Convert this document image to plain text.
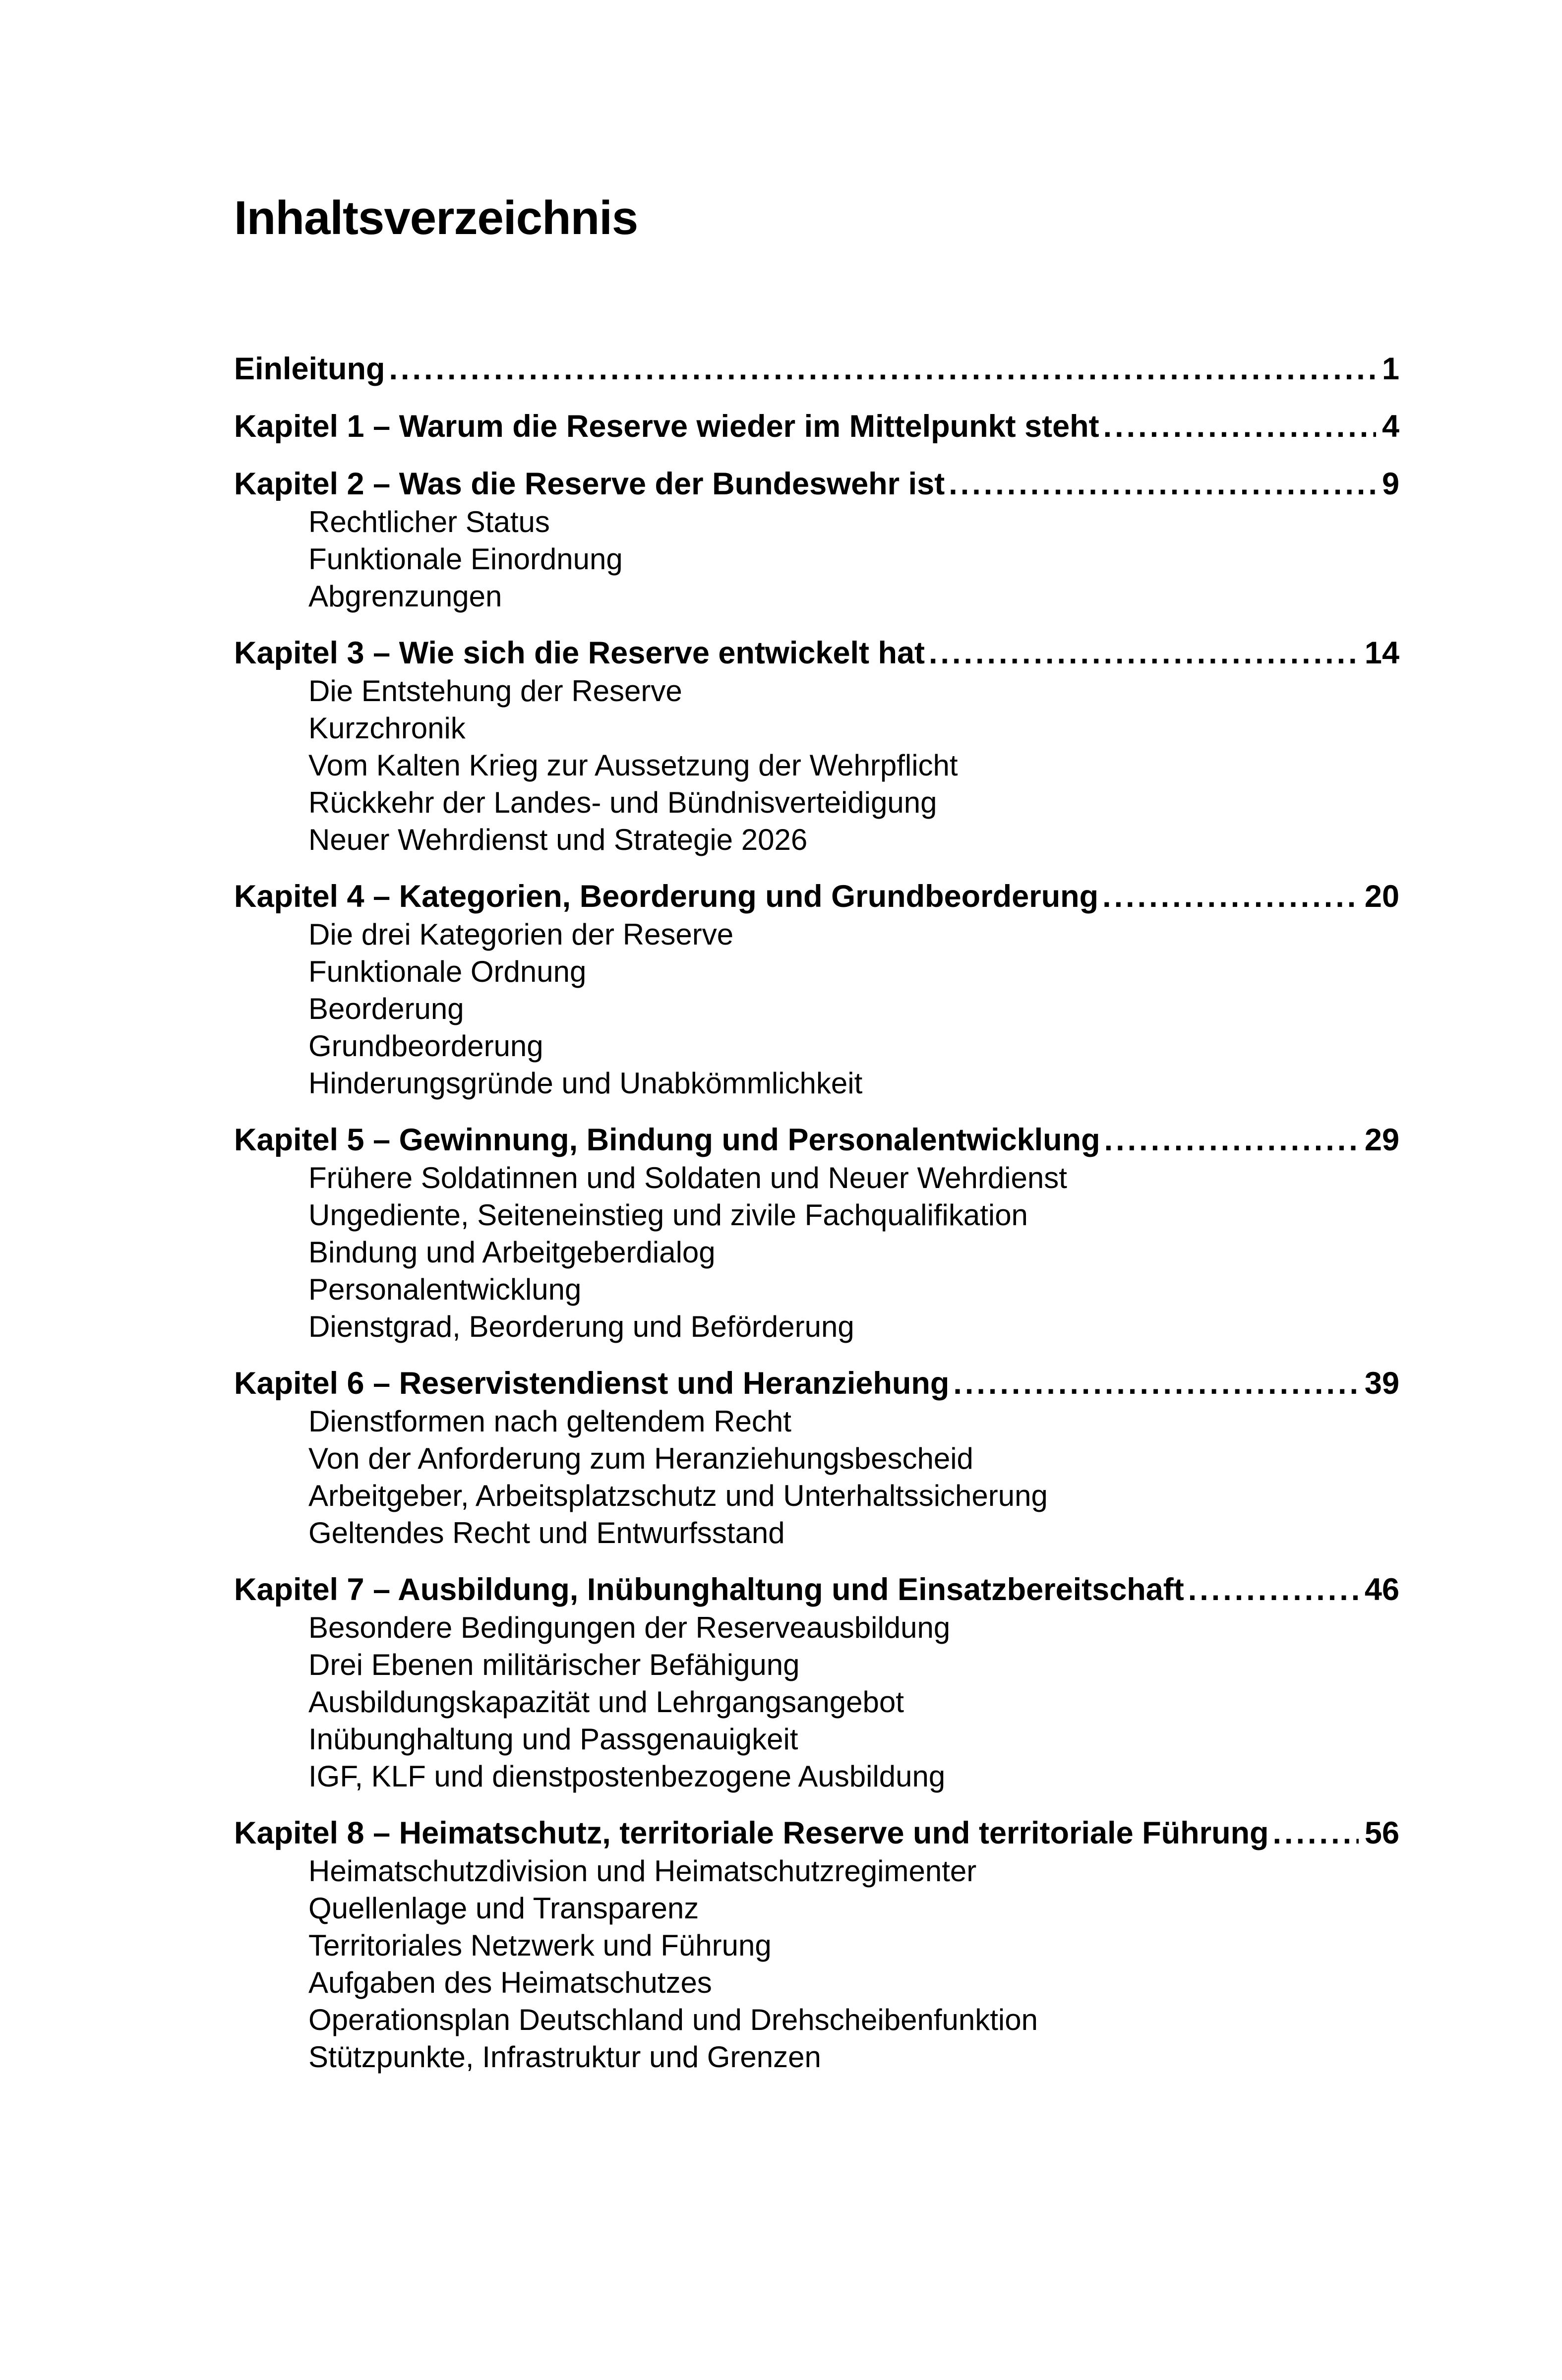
Inhaltsverzeichnis
Einleitung .....	1
Kapitel 1 – Warum die Reserve wieder im Mittelpunkt steht .....	4
Kapitel 2 – Was die Reserve der Bundeswehr ist .....	9
Rechtlicher Status
Funktionale Einordnung
Abgrenzungen
Kapitel 3 – Wie sich die Reserve entwickelt hat .....	14
Die Entstehung der Reserve
Kurzchronik
Vom Kalten Krieg zur Aussetzung der Wehrpflicht
Rückkehr der Landes- und Bündnisverteidigung
Neuer Wehrdienst und Strategie 2026
Kapitel 4 – Kategorien, Beorderung und Grundbeorderung .....	20
Die drei Kategorien der Reserve
Funktionale Ordnung
Beorderung
Grundbeorderung
Hinderungsgründe und Unabkömmlichkeit
Kapitel 5 – Gewinnung, Bindung und Personalentwicklung .....	29
Frühere Soldatinnen und Soldaten und Neuer Wehrdienst
Ungediente, Seiteneinstieg und zivile Fachqualifikation
Bindung und Arbeitgeberdialog
Personalentwicklung
Dienstgrad, Beorderung und Beförderung
Kapitel 6 – Reservistendienst und Heranziehung .....	39
Dienstformen nach geltendem Recht
Von der Anforderung zum Heranziehungsbescheid
Arbeitgeber, Arbeitsplatzschutz und Unterhaltssicherung
Geltendes Recht und Entwurfsstand
Kapitel 7 – Ausbildung, Inübunghaltung und Einsatzbereitschaft .....	46
Besondere Bedingungen der Reserveausbildung
Drei Ebenen militärischer Befähigung
Ausbildungskapazität und Lehrgangsangebot
Inübunghaltung und Passgenauigkeit
IGF, KLF und dienstpostenbezogene Ausbildung
Kapitel 8 – Heimatschutz, territoriale Reserve und territoriale Führung .....	56
Heimatschutzdivision und Heimatschutzregimenter
Quellenlage und Transparenz
Territoriales Netzwerk und Führung
Aufgaben des Heimatschutzes
Operationsplan Deutschland und Drehscheibenfunktion
Stützpunkte, Infrastruktur und Grenzen
